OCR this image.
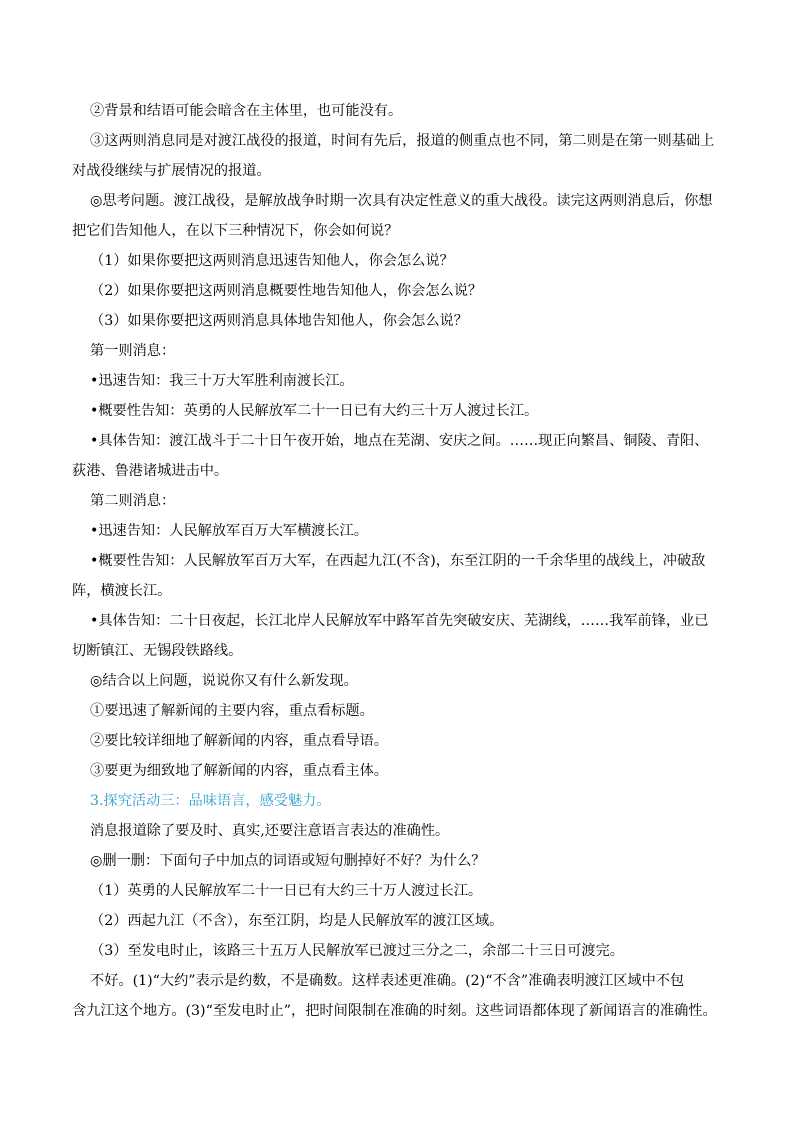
②背景和结语可能会暗含在主体里，也可能没有。
③这两则消息同是对渡江战役的报道，时间有先后，报道的侧重点也不同，第二则是在第一则基础上
对战役继续与扩展情况的报道。
◎思考问题。渡江战役，是解放战争时期一次具有决定性意义的重大战役。读完这两则消息后，你想
把它们告知他人，在以下三种情况下，你会如何说？
（1）如果你要把这两则消息迅速告知他人，你会怎么说？
（2）如果你要把这两则消息概要性地告知他人，你会怎么说？
（3）如果你要把这两则消息具体地告知他人，你会怎么说？
第一则消息：
•迅速告知：我三十万大军胜利南渡长江。
•概要性告知：英勇的人民解放军二十一日已有大约三十万人渡过长江。
•具体告知：渡江战斗于二十日午夜开始，地点在芜湖、安庆之间。……现正向繁昌、铜陵、青阳、
荻港、鲁港诸城进击中。
第二则消息：
•迅速告知：人民解放军百万大军横渡长江。
•概要性告知：人民解放军百万大军，在西起九江(不含)，东至江阴的一千余华里的战线上，冲破敌
阵，横渡长江。
•具体告知：二十日夜起，长江北岸人民解放军中路军首先突破安庆、芜湖线，……我军前锋，业已
切断镇江、无锡段铁路线。
◎结合以上问题，说说你又有什么新发现。
①要迅速了解新闻的主要内容，重点看标题。
②要比较详细地了解新闻的内容，重点看导语。
③要更为细致地了解新闻的内容，重点看主体。
3.探究活动三：品味语言，感受魅力。
消息报道除了要及时、真实,还要注意语言表达的准确性。
◎删一删：下面句子中加点的词语或短句删掉好不好？为什么？
（1）英勇的人民解放军二十一日已有大约三十万人渡过长江。
（2）西起九江（不含），东至江阴，均是人民解放军的渡江区域。
（3）至发电时止，该路三十五万人民解放军已渡过三分之二，余部二十三日可渡完。
不好。(1)“大约”表示是约数，不是确数。这样表述更准确。(2)“不含”准确表明渡江区域中不包
含九江这个地方。(3)“至发电时止”，把时间限制在准确的时刻。这些词语都体现了新闻语言的准确性。
